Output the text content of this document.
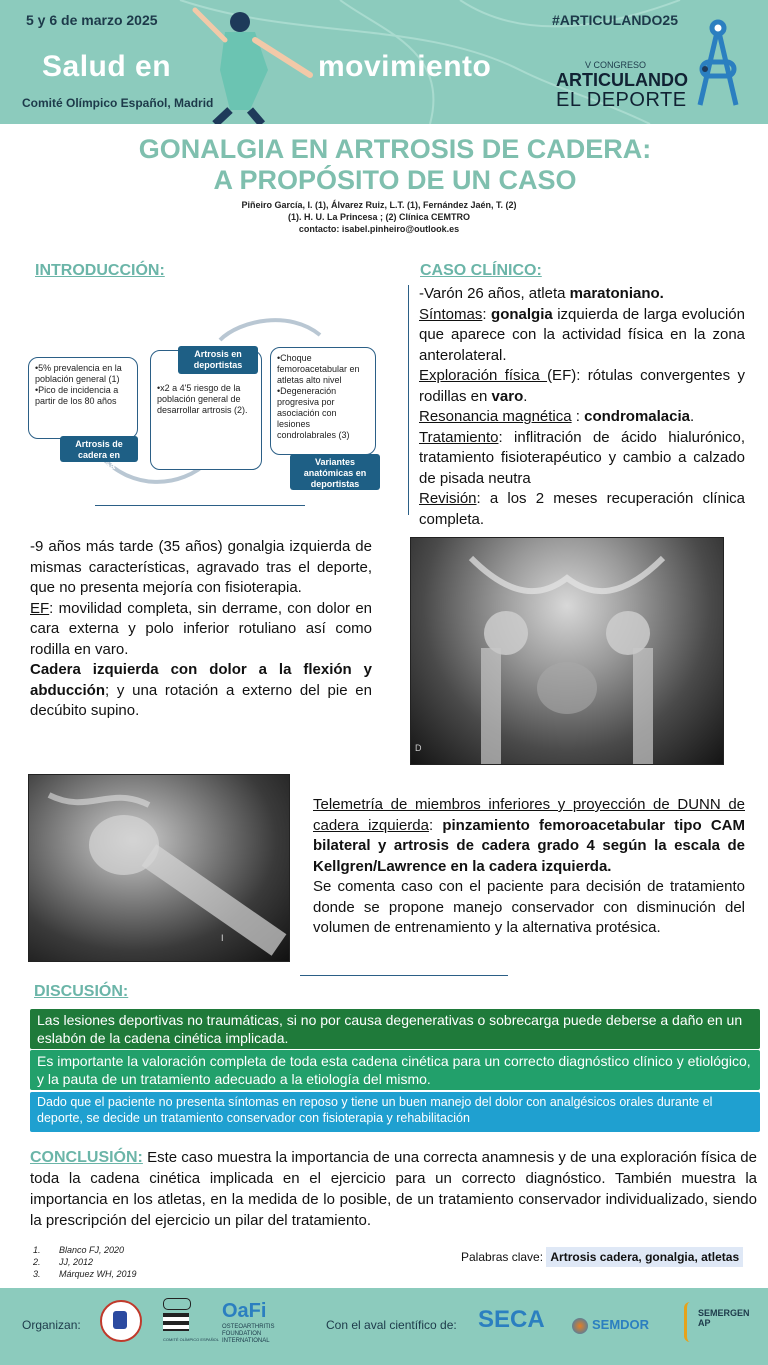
5 y 6 de marzo 2025	#ARTICULANDO25
Salud en	movimiento
Comité Olímpico Español, Madrid
V CONGRESO
ARTICULANDO
EL DEPORTE
GONALGIA EN ARTROSIS DE CADERA:
A PROPÓSITO DE UN CASO
Piñeiro García, I. (1), Álvarez Ruiz, L.T. (1), Fernández Jaén, T. (2)
(1). H. U. La Princesa ; (2) Clínica CEMTRO
contacto: isabel.pinheiro@outlook.es
INTRODUCCIÓN:
•5% prevalencia en la población general (1)
•Pico de incidencia a partir de los 80 años
Artrosis de cadera en España
•x2 a 4'5 riesgo de la población general de desarrollar artrosis (2).
Artrosis en deportistas
•Choque femoroacetabular en atletas alto nivel
•Degeneración progresiva por asociación con lesiones condrolabrales (3)
Variantes anatómicas en deportistas
CASO CLÍNICO:
-Varón 26 años, atleta maratoniano.
Síntomas: gonalgia izquierda de larga evolución que aparece con la actividad física en la zona anterolateral.
Exploración física (EF): rótulas convergentes y rodillas en varo.
Resonancia magnética : condromalacia.
Tratamiento: inflitración de ácido hialurónico, tratamiento fisioterapéutico y cambio a calzado de pisada neutra
Revisión: a los 2 meses recuperación clínica completa.
-9 años más tarde (35 años) gonalgia izquierda de mismas características, agravado tras el deporte, que no presenta mejoría con fisioterapia.
EF: movilidad completa, sin derrame, con dolor en cara externa y polo inferior rotuliano así como rodilla en varo.
Cadera izquierda con dolor a la flexión y abducción; y una rotación a externo del pie en decúbito supino.
D
I
Telemetría de miembros inferiores y proyección de DUNN de cadera izquierda: pinzamiento femoroacetabular tipo CAM bilateral y artrosis de cadera grado 4 según la escala de Kellgren/Lawrence en la cadera izquierda.
Se comenta caso con el paciente para decisión de tratamiento donde se propone manejo conservador con disminución del volumen de entrenamiento y la alternativa protésica.
DISCUSIÓN:
Las lesiones deportivas no traumáticas, si no por causa degenerativas o sobrecarga puede deberse a daño en un eslabón de la cadena cinética implicada.
Es importante la valoración completa de toda esta cadena cinética para un correcto diagnóstico clínico y etiológico, y la pauta de un tratamiento adecuado a la etiología del mismo.
Dado que el paciente no presenta síntomas en reposo y tiene un buen manejo del dolor con analgésicos orales durante el deporte, se decide un tratamiento conservador con fisioterapia y rehabilitación
CONCLUSIÓN: Este caso muestra la importancia de una correcta anamnesis y de una exploración física de toda la cadena cinética implicada en el ejercicio para un correcto diagnóstico. También muestra la importancia en los atletas, en la medida de lo posible, de un tratamiento conservador individualizado, siendo la prescripción del ejercicio un pilar del tratamiento.
1. Blanco FJ, 2020
2. JJ, 2012
3. Márquez WH, 2019
Palabras clave: Artrosis cadera, gonalgia, atletas
Organizan:
COMITÉ OLÍMPICO ESPAÑOL
OaFi
OSTEOARTHRITIS FOUNDATION INTERNATIONAL
Con el aval científico de: SECA	SEMDOR
SEMERGEN AP
